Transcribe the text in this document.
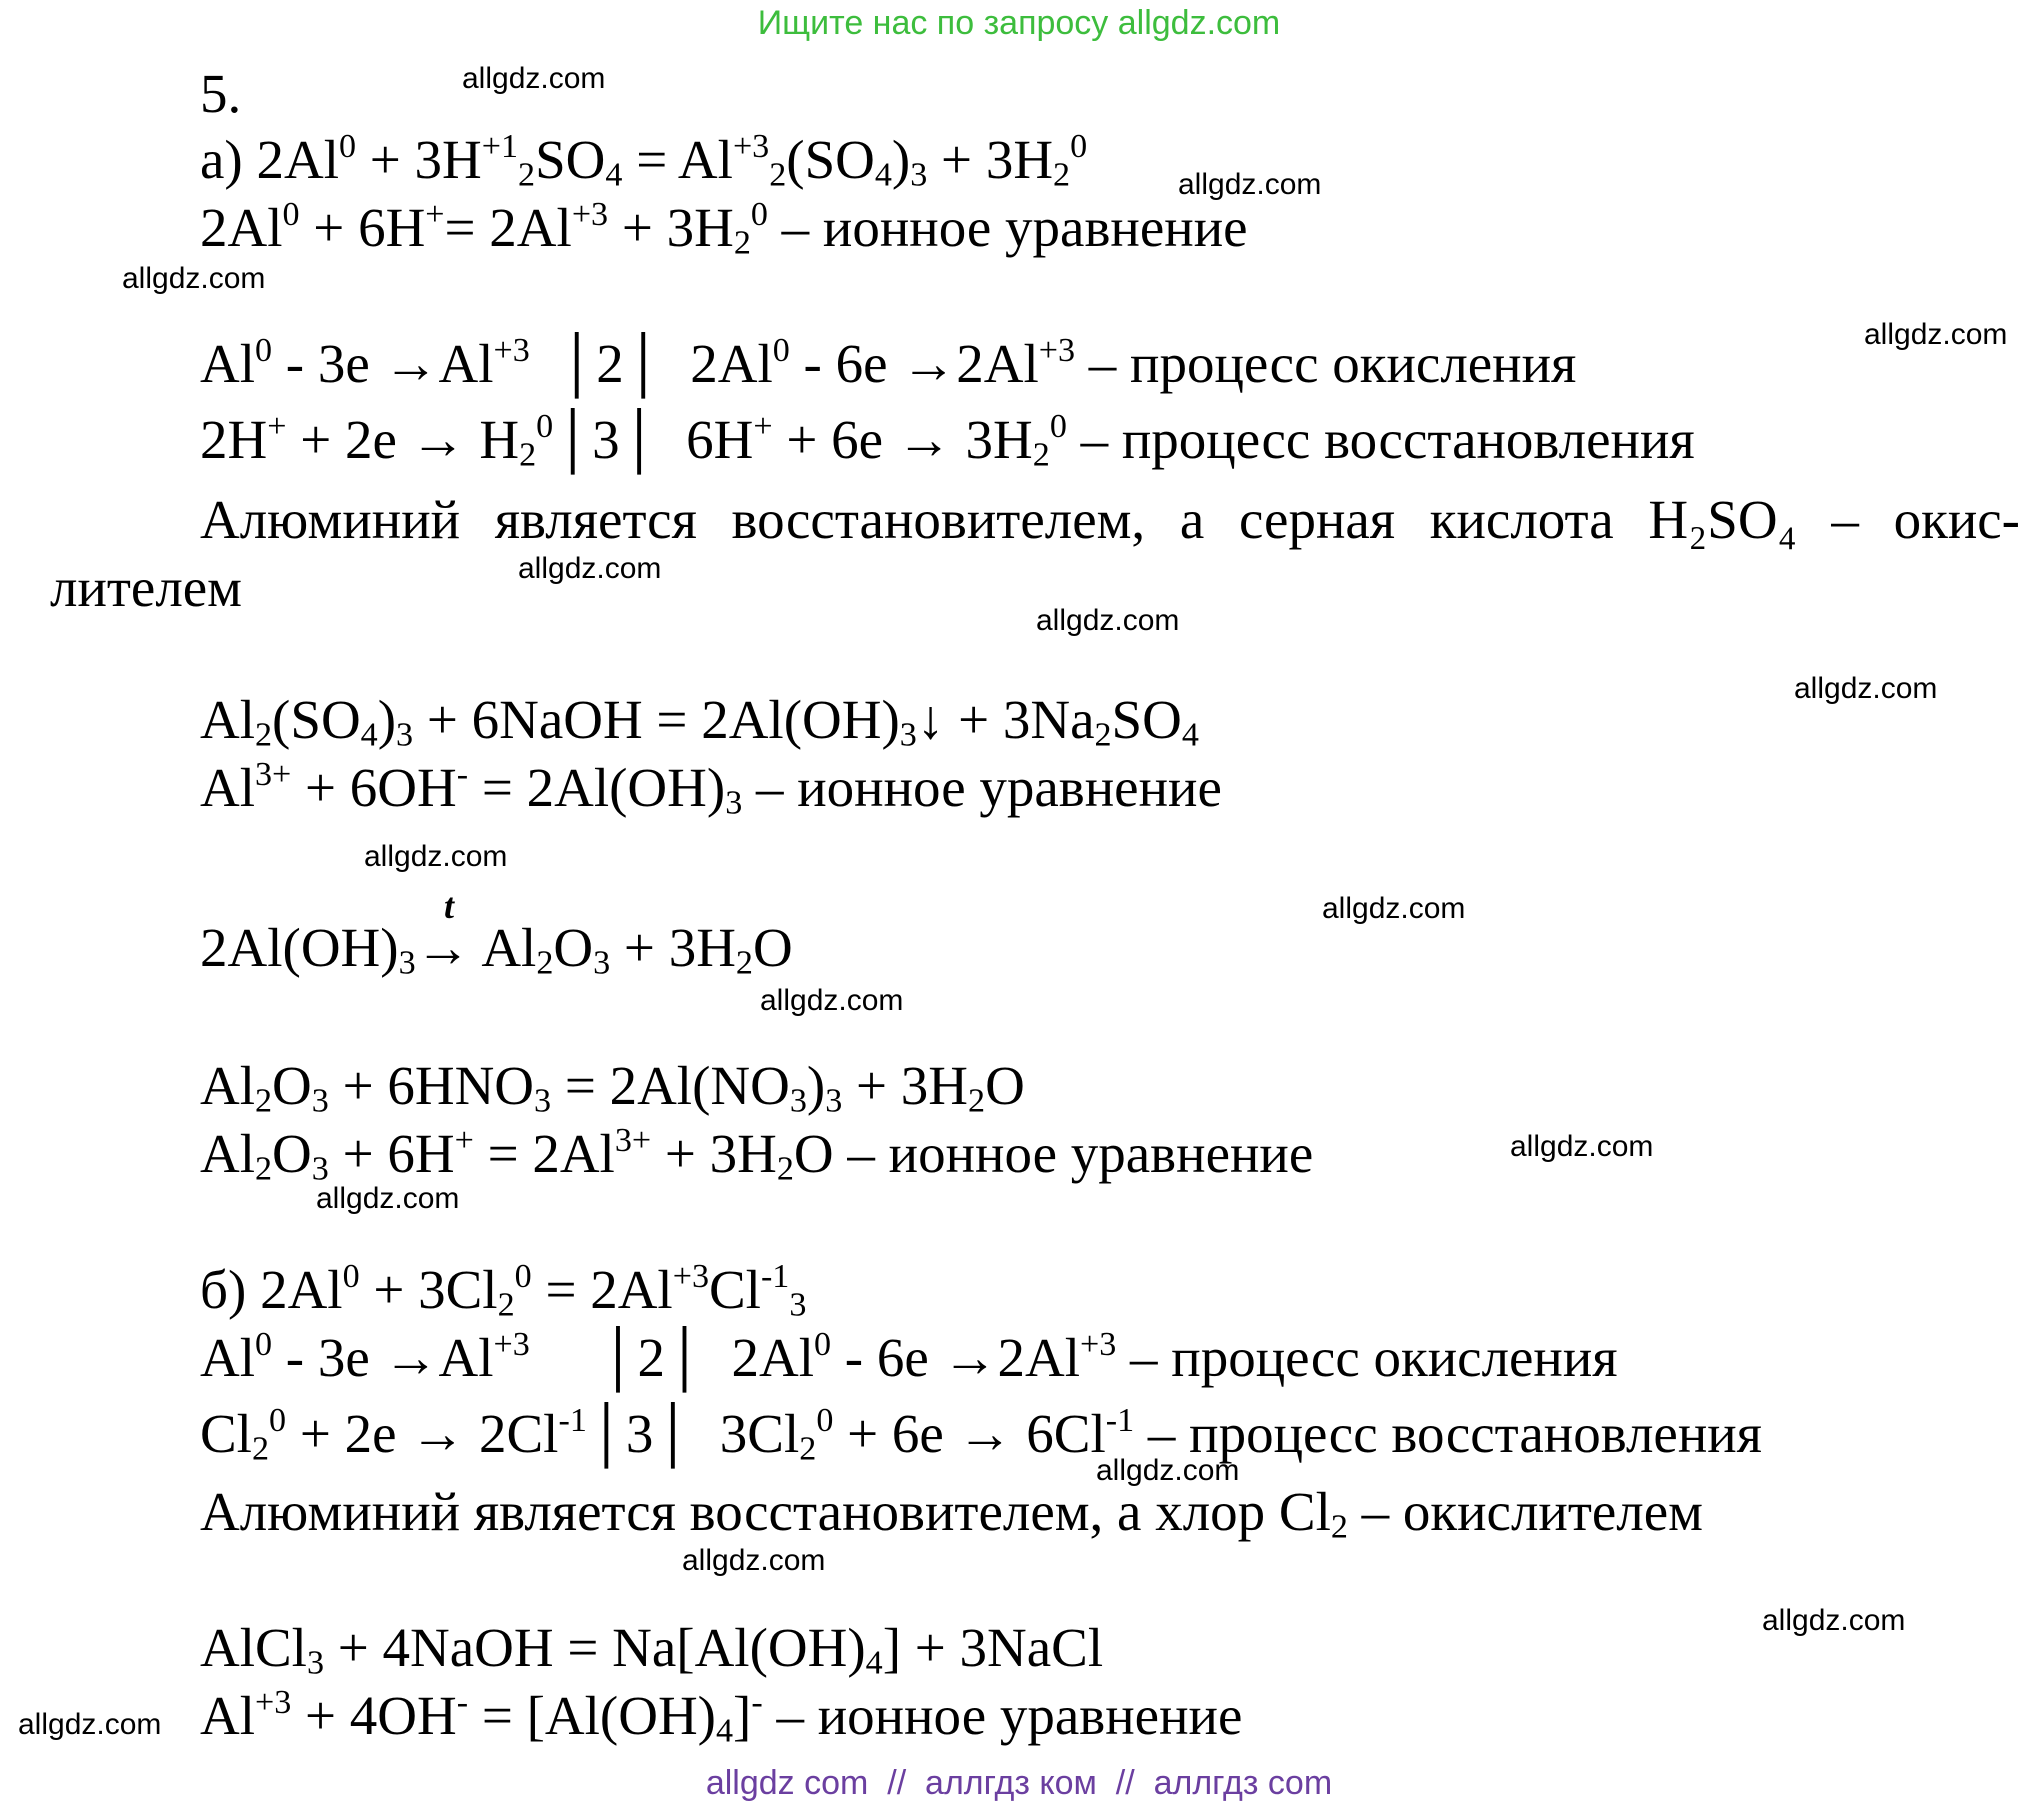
Ищите нас по запросу allgdz.com
5.
а) $2Al^0 + 3H^{+1}_2SO_4 = Al^{+3}_2(SO_4)_3 + 3H_2^0$
$2Al^0 + 6H^+= 2Al^{+3} + 3H_2^0$ – ионное уравнение
$Al^0 - 3e \to Al^{+3}$  │2│  $2Al^0 - 6e \to 2Al^{+3}$ – процесс окисления
$2H^+ + 2e \to H_2^0│3│$  $6H^+ + 6e \to 3H_2^0$ – процесс восстановления
Алюминий является восстановителем, а серная кислота H₂SO₄ – окис-
лителем
$Al_2(SO_4)_3$ + 6NaOH = $2Al(OH)_3↓ + 3Na_2SO_4$
$Al^{3+} + 6OH^- = 2Al(OH)_3$ – ионное уравнение
t
$2Al(OH)_3\to Al_2O_3 + 3H_2O$
$Al_2O_3 + 6HNO_3 = 2Al(NO_3)_3 + 3H_2O$
$Al_2O_3 + 6H^+ = 2Al^{3+} + 3H_2O$ – ионное уравнение
б) $2Al^0 + 3Cl_2^0 = 2Al^{+3}Cl^{-1}_3$
$Al^0 - 3e \to Al^{+3}$     │2│  $2Al^0 - 6e \to 2Al^{+3}$ – процесс окисления
$Cl_2^0 + 2e$ → $2Cl^{-1}│3│$  $3Cl_2^0 + 6e \to 6Cl^{-1}$ – процесс восстановления
Алюминий является восстановителем, а хлор $Cl_2$ – окислителем
AlCl$_3$ + 4NaOH = $Na[Al(OH)_4]$ + 3NaCl
$Al^{+3} + 4OH^- = [Al(OH)_4]^-$ – ионное уравнение
allgdz.com
allgdz.com
allgdz.com
allgdz.com
allgdz.com
allgdz.com
allgdz.com
allgdz.com
allgdz.com
allgdz.com
allgdz.com
allgdz.com
allgdz.com
allgdz.com
allgdz.com
allgdz.com
allgdz com  //  аллгдз ком  //  аллгдз com
